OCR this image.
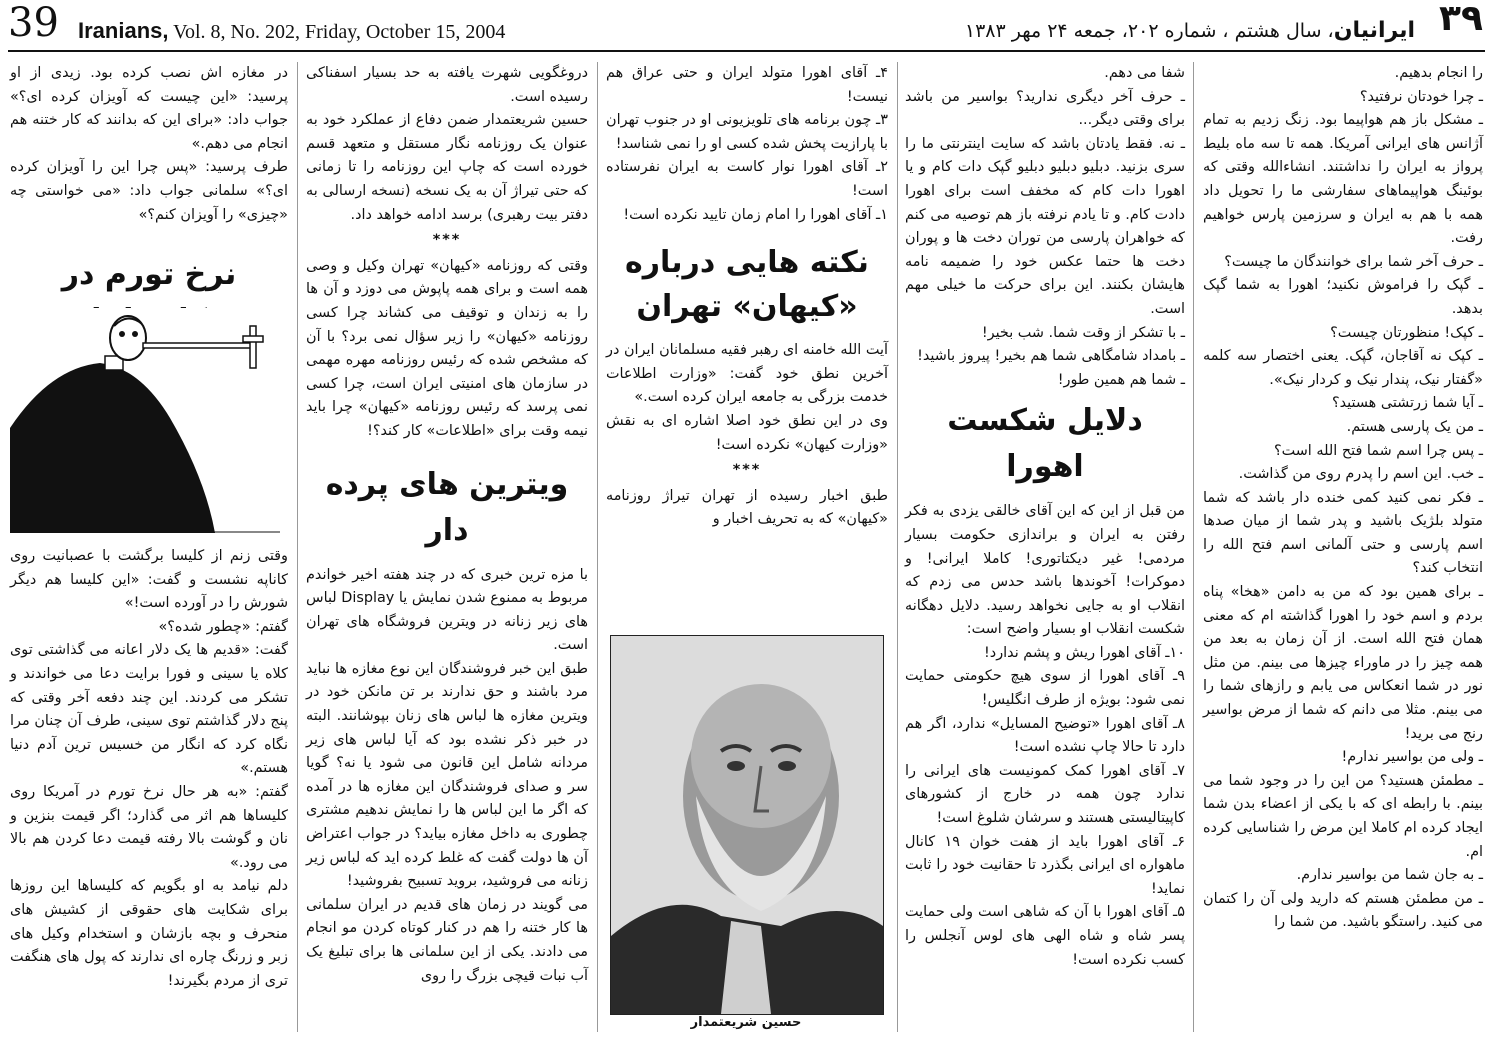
39 Iranians, Vol. 8, No. 202, Friday, October 15, 2004	ایرانیان، سال هشتم ، شماره ۲۰۲، جمعه ۲۴ مهر ۱۳۸۳	۳۹

را انجام بدهیم.

ـ چرا خودتان نرفتید؟

ـ مشکل باز هم هواپیما بود. زنگ زدیم به تمام آژانس های ایرانی آمریکا. همه تا سه ماه بلیط پرواز به ایران را نداشتند. انشاءالله وقتی که بوئینگ هواپیماهای سفارشی ما را تحویل داد همه با هم به ایران و سرزمین پارس خواهیم رفت.

ـ حرف آخر شما برای خوانندگان ما چیست؟

ـ گپک را فراموش نکنید؛ اهورا به شما گپک بدهد.

ـ کپک! منظورتان چیست؟

ـ کپک نه آقاجان، گپک. یعنی اختصار سه کلمه «گفتار نیک، پندار نیک و کردار نیک».

ـ آیا شما زرتشتی هستید؟

ـ من یک پارسی هستم.

ـ پس چرا اسم شما فتح الله است؟

ـ خب. این اسم را پدرم روی من گذاشت.

ـ فکر نمی کنید کمی خنده دار باشد که شما متولد بلژیک باشید و پدر شما از میان صدها اسم پارسی و حتی آلمانی اسم فتح الله را انتخاب کند؟

ـ برای همین بود که من به دامن «هخا» پناه بردم و اسم خود را اهورا گذاشته ام که معنی همان فتح الله است. از آن زمان به بعد من همه چیز را در ماوراء چیزها می بینم. من مثل نور در شما انعکاس می یابم و رازهای شما را می بینم. مثلا می دانم که شما از مرض بواسیر رنج می برید!

ـ ولی من بواسیر ندارم!

ـ مطمئن هستید؟ من این را در وجود شما می بینم. با رابطه ای که با یکی از اعضاء بدن شما ایجاد کرده ام کاملا این مرض را شناسایی کرده ام.

ـ به جان شما من بواسیر ندارم.

ـ من مطمئن هستم که دارید ولی آن را کتمان می کنید. راستگو باشید. من شما را

شفا می دهم.

ـ حرف آخر دیگری ندارید؟ بواسیر من باشد برای وقتی دیگر...

ـ نه. فقط یادتان باشد که سایت اینترنتی ما را سری بزنید. دبلیو دبلیو دبلیو گپک دات کام و یا اهورا دات کام که مخفف است برای اهورا دادت کام. و تا یادم نرفته باز هم توصیه می کنم که خواهران پارسی من توران دخت ها و پوران دخت ها حتما عکس خود را ضمیمه نامه هایشان بکنند. این برای حرکت ما خیلی مهم است.

ـ با تشکر از وقت شما. شب بخیر!

ـ بامداد شامگاهی شما هم بخیر! پیروز باشید!

ـ شما هم همین طور!

دلایل شکست اهورا

من قبل از این که این آقای خالقی یزدی به فکر رفتن به ایران و براندازی حکومت بسیار مردمی! غیر دیکتاتوری! کاملا ایرانی! و دموکرات! آخوندها باشد حدس می زدم که انقلاب او به جایی نخواهد رسید. دلایل دهگانه شکست انقلاب او بسیار واضح است:

۱۰ـ آقای اهورا ریش و پشم ندارد!

۹ـ آقای اهورا از سوی هیچ حکومتی حمایت نمی شود: بویژه از طرف انگلیس!

۸ـ آقای اهورا «توضیح المسایل» ندارد، اگر هم دارد تا حالا چاپ نشده است!

۷ـ آقای اهورا کمک کمونیست های ایرانی را ندارد چون همه در خارج از کشورهای کاپیتالیستی هستند و سرشان شلوغ است!

۶ـ آقای اهورا باید از هفت خوان ۱۹ کانال ماهواره ای ایرانی بگذرد تا حقانیت خود را ثابت نماید!

۵ـ آقای اهورا با آن که شاهی است ولی حمایت پسر شاه و شاه الهی های لوس آنجلس را کسب نکرده است!

۴ـ آقای اهورا متولد ایران و حتی عراق هم نیست!

۳ـ چون برنامه های تلویزیونی او در جنوب تهران با پارازیت پخش شده کسی او را نمی شناسد!

۲ـ آقای اهورا نوار کاست به ایران نفرستاده است!

۱ـ آقای اهورا را امام زمان تایید نکرده است!

نکته هایی درباره
«کیهان» تهران

آیت الله خامنه ای رهبر فقیه مسلمانان ایران در آخرین نطق خود گفت: «وزارت اطلاعات خدمت بزرگی به جامعه ایران کرده است.»

وی در این نطق خود اصلا اشاره ای به نقش «وزارت کیهان» نکرده است!

***

طبق اخبار رسیده از تهران تیراژ روزنامه «کیهان» که به تحریف اخبار و

حسین شریعتمدار

دروغگویی شهرت یافته به حد بسیار اسفناکی رسیده است.

حسین شریعتمدار ضمن دفاع از عملکرد خود به عنوان یک روزنامه نگار مستقل و متعهد قسم خورده است که چاپ این روزنامه را تا زمانی که حتی تیراژ آن به یک نسخه (نسخه ارسالی به دفتر بیت رهبری) برسد ادامه خواهد داد.

***

وقتی که روزنامه «کیهان» تهران وکیل و وصی همه است و برای همه پاپوش می دوزد و آن ها را به زندان و توقیف می کشاند چرا کسی روزنامه «کیهان» را زیر سؤال نمی برد؟ با آن که مشخص شده که رئیس روزنامه مهره مهمی در سازمان های امنیتی ایران است، چرا کسی نمی پرسد که رئیس روزنامه «کیهان» چرا باید نیمه وقت برای «اطلاعات» کار کند؟!

ویترین های پرده دار

با مزه ترین خبری که در چند هفته اخیر خواندم مربوط به ممنوع شدن نمایش یا Display لباس های زیر زنانه در ویترین فروشگاه های تهران است.

طبق این خبر فروشندگان این نوع مغازه ها نباید مرد باشند و حق ندارند بر تن مانکن خود در ویترین مغازه ها لباس های زنان بپوشانند. البته در خبر ذکر نشده بود که آیا لباس های زیر مردانه شامل این قانون می شود یا نه؟ گویا سر و صدای فروشندگان این مغازه ها در آمده که اگر ما این لباس ها را نمایش ندهیم مشتری چطوری به داخل مغازه بیاید؟ در جواب اعتراض آن ها دولت گفت که غلط کرده اید که لباس زیر زنانه می فروشید، بروید تسبیح بفروشید!

می گویند در زمان های قدیم در ایران سلمانی ها کار ختنه را هم در کنار کوتاه کردن مو انجام می دادند. یکی از این سلمانی ها برای تبلیغ یک آب نبات قیچی بزرگ را روی

در مغازه اش نصب کرده بود. زیدی از او پرسید: «این چیست که آویزان کرده ای؟» جواب داد: «برای این که بدانند که کار ختنه هم انجام می دهم.»

طرف پرسید: «پس چرا این را آویزان کرده ای؟» سلمانی جواب داد: «می خواستی چه «چیزی» را آویزان کنم؟»

نرخ تورم در

وقتی زنم از کلیسا برگشت با عصبانیت روی کاناپه نشست و گفت: «این کلیسا هم دیگر شورش را در آورده است!»

گفتم: «چطور شده؟»

گفت: «قدیم ها یک دلار اعانه می گذاشتی توی کلاه یا سینی و فورا برایت دعا می خواندند و تشکر می کردند. این چند دفعه آخر وقتی که پنج دلار گذاشتم توی سینی، طرف آن چنان مرا نگاه کرد که انگار من خسیس ترین آدم دنیا هستم.»

گفتم: «به هر حال نرخ تورم در آمریکا روی کلیساها هم اثر می گذارد؛ اگر قیمت بنزین و نان و گوشت بالا رفته قیمت دعا کردن هم بالا می رود.»

دلم نیامد به او بگویم که کلیساها این روزها برای شکایت های حقوقی از کشیش های منحرف و بچه بازشان و استخدام وکیل های زبر و زرنگ چاره ای ندارند که پول های هنگفت تری از مردم بگیرند!
